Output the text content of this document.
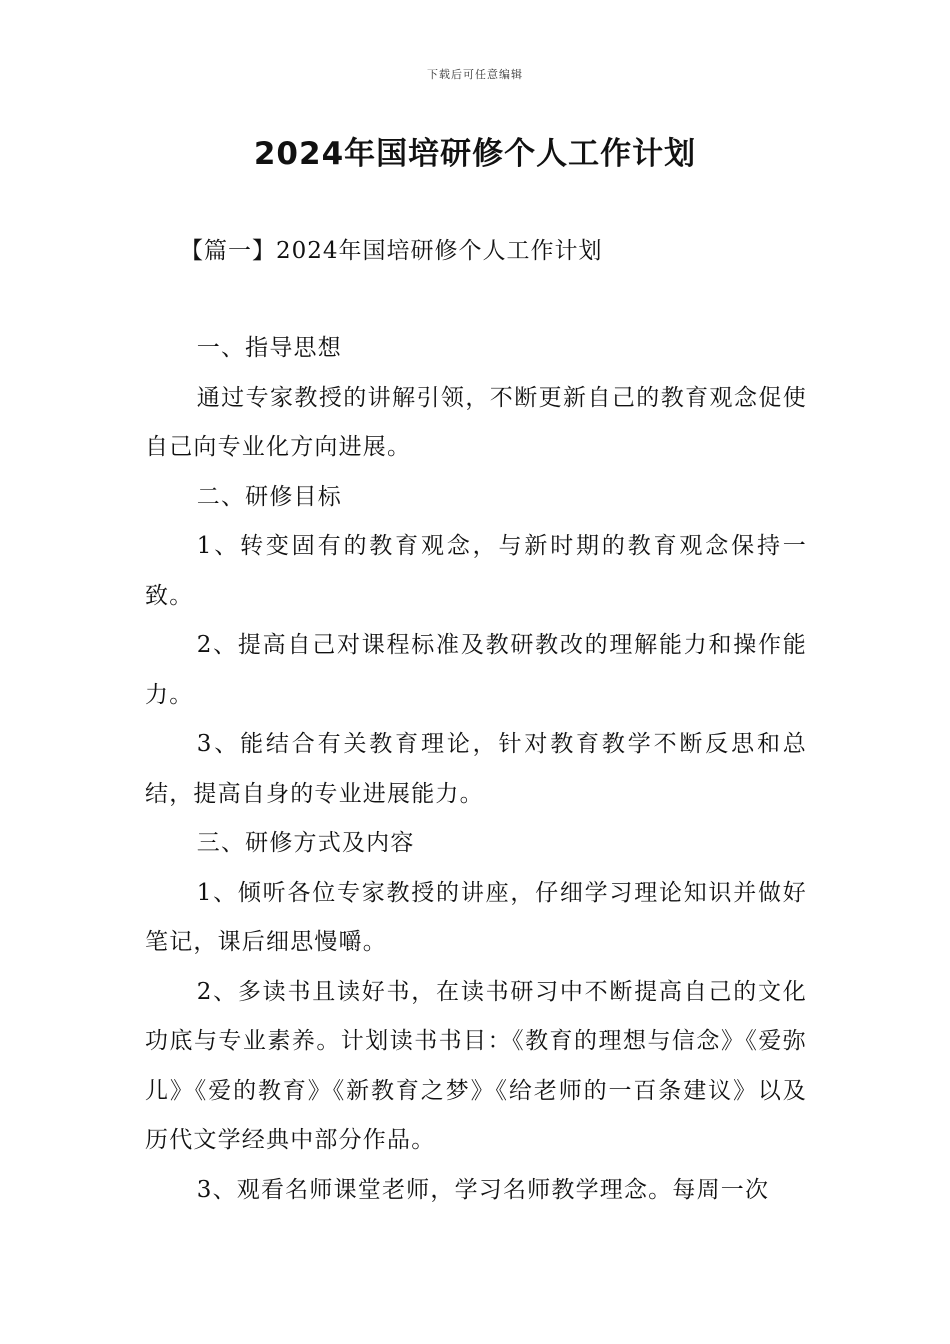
下载后可任意编辑
2024年国培研修个人工作计划
【篇一】2024年国培研修个人工作计划

一、指导思想

通过专家教授的讲解引领，不断更新自己的教育观念促使自己向专业化方向进展。

二、研修目标

1、转变固有的教育观念，与新时期的教育观念保持一致。

2、提高自己对课程标准及教研教改的理解能力和操作能力。

3、能结合有关教育理论，针对教育教学不断反思和总结，提高自身的专业进展能力。

三、研修方式及内容

1、倾听各位专家教授的讲座，仔细学习理论知识并做好笔记，课后细思慢嚼。

2、多读书且读好书，在读书研习中不断提高自己的文化功底与专业素养。计划读书书目：《教育的理想与信念》《爱弥儿》《爱的教育》《新教育之梦》《给老师的一百条建议》以及历代文学经典中部分作品。

3、观看名师课堂老师，学习名师教学理念。每周一次
